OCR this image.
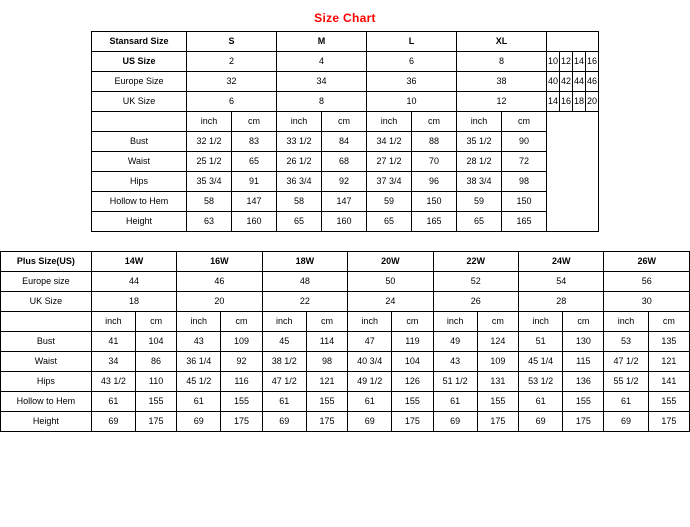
Size Chart
Stansard Size	S		M		L		XL					
US Size	2		4		6		8		10	12	14	16
Europe Size	32		34		36		38		40	42	44	46
UK Size	6		8		10		12		14	16	18	20
	inch	cm	inch	cm	inch	cm	inch	cm				
Bust	32 1/2	83	33 1/2	84	34 1/2	88	35 1/2	90				
Waist	25 1/2	65	26 1/2	68	27 1/2	70	28 1/2	72				
Hips	35 3/4	91	36 3/4	92	37 3/4	96	38 3/4	98				
Hollow to Hem	58	147	58	147	59	150	59	150				
Height	63	160	65	160	65	165	65	165				
Plus Size(US)	14W		16W		18W		20W		22W		24W		26W	
Europe size	44		46		48		50		52		54		56	
UK Size	18		20		22		24		26		28		30	
	inch	cm	inch	cm	inch	cm	inch	cm	inch	cm	inch	cm	inch	cm
Bust	41	104	43	109	45	114	47	119	49	124	51	130	53	135
Waist	34	86	36 1/4	92	38 1/2	98	40 3/4	104	43	109	45 1/4	115	47 1/2	121
Hips	43 1/2	110	45 1/2	116	47 1/2	121	49 1/2	126	51 1/2	131	53 1/2	136	55 1/2	141
Hollow to Hem	61	155	61	155	61	155	61	155	61	155	61	155	61	155
Height	69	175	69	175	69	175	69	175	69	175	69	175	69	175
